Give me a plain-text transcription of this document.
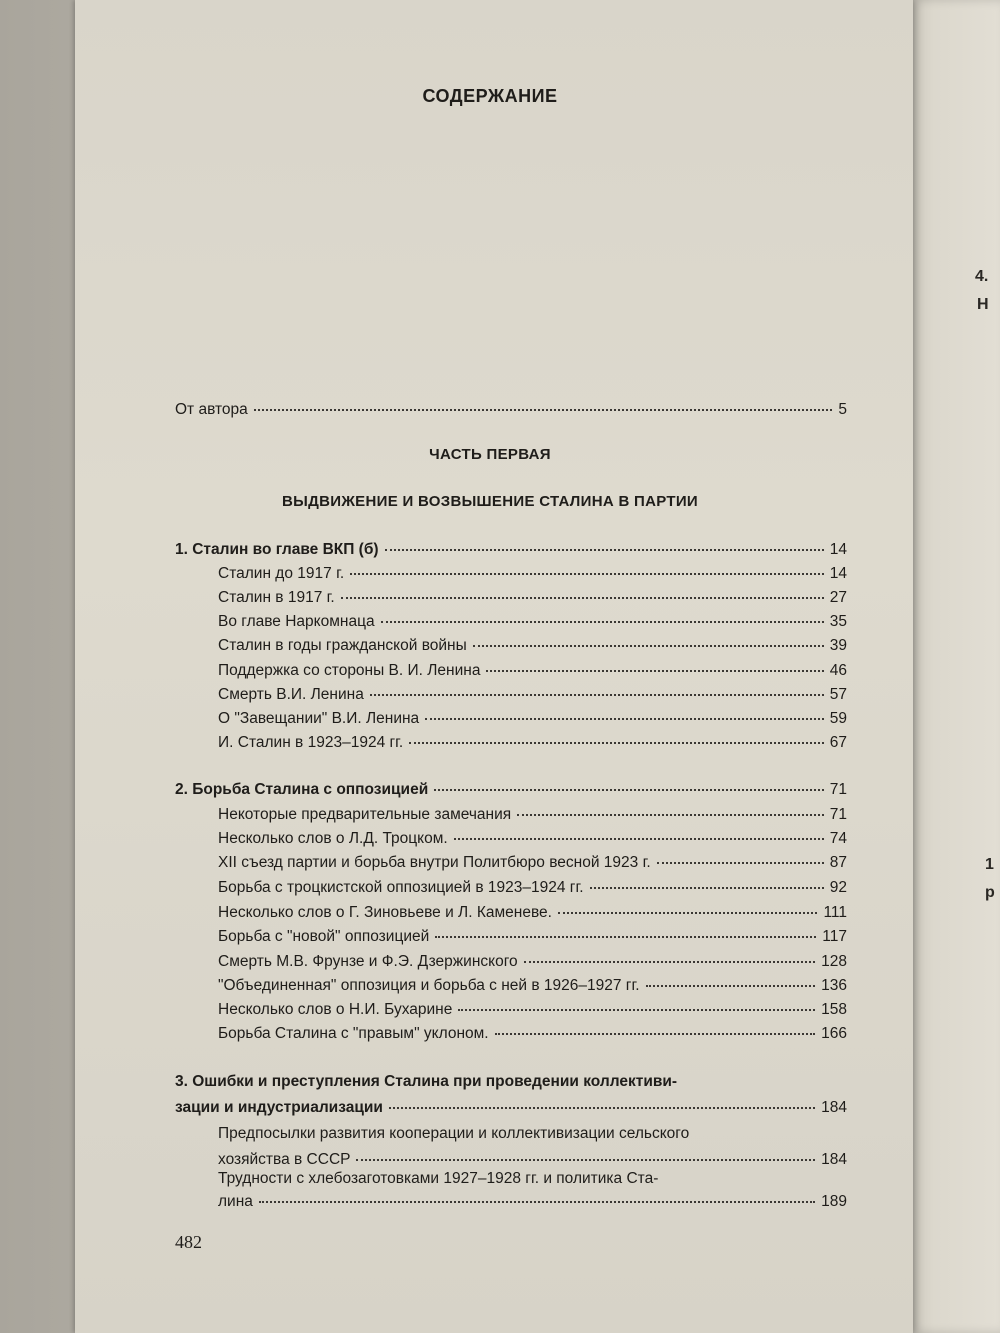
4.
Н
1
р
СОДЕРЖАНИЕ
От автора	5
ЧАСТЬ ПЕРВАЯ
ВЫДВИЖЕНИЕ И ВОЗВЫШЕНИЕ СТАЛИНА В ПАРТИИ
1. Сталин во главе ВКП (б)	14
Сталин до 1917 г.	14
Сталин в 1917 г.	27
Во главе Наркомнаца	35
Сталин в годы гражданской войны	39
Поддержка со стороны В. И. Ленина	46
Смерть В.И. Ленина	57
О "Завещании" В.И. Ленина	59
И. Сталин в 1923–1924 гг.	67
2. Борьба Сталина с оппозицией	71
Некоторые предварительные замечания	71
Несколько слов о Л.Д. Троцком.	74
XII съезд партии и борьба внутри Политбюро весной 1923 г.	87
Борьба с троцкистской оппозицией в 1923–1924 гг.	92
Несколько слов о Г. Зиновьеве и Л. Каменеве.	111
Борьба с "новой" оппозицией	117
Смерть М.В. Фрунзе и Ф.Э. Дзержинского	128
"Объединенная" оппозиция и борьба с ней в 1926–1927 гг.	136
Несколько слов о Н.И. Бухарине	158
Борьба Сталина с "правым" уклоном.	166
3. Ошибки и преступления Сталина при проведении коллективи-
зации и индустриализации	184
Предпосылки развития кооперации и коллективизации сельского
хозяйства в СССР	184
Трудности с хлебозаготовками 1927–1928 гг. и политика Ста-
лина	189
482
